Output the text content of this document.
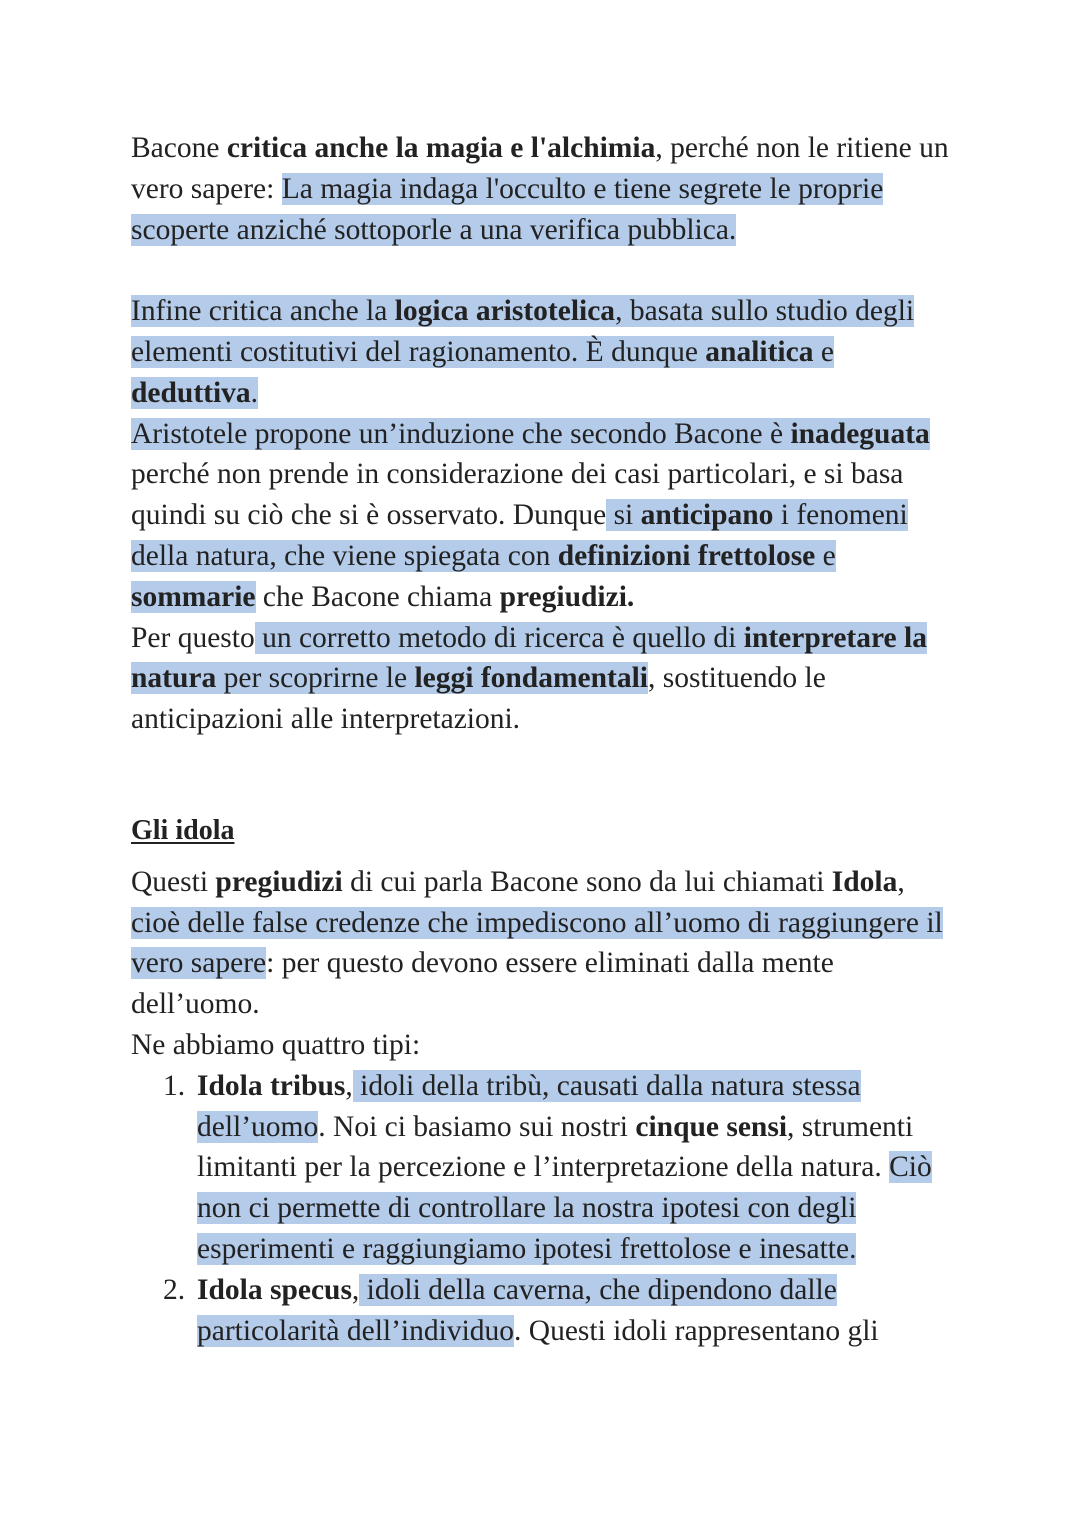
Bacone critica anche la magia e l'alchimia, perché non le ritiene un vero sapere: La magia indaga l'occulto e tiene segrete le proprie scoperte anziché sottoporle a una verifica pubblica.

Infine critica anche la logica aristotelica, basata sullo studio degli elementi costitutivi del ragionamento. È dunque analitica e deduttiva.

Aristotele propone un’induzione che secondo Bacone è inadeguata perché non prende in considerazione dei casi particolari, e si basa quindi su ciò che si è osservato. Dunque si anticipano i fenomeni della natura, che viene spiegata con definizioni frettolose e sommarie che Bacone chiama pregiudizi.

Per questo un corretto metodo di ricerca è quello di interpretare la natura per scoprirne le leggi fondamentali, sostituendo le anticipazioni alle interpretazioni.

Gli idola

Questi pregiudizi di cui parla Bacone sono da lui chiamati Idola,
cioè delle false credenze che impediscono all’uomo di raggiungere il vero sapere: per questo devono essere eliminati dalla mente dell’uomo.

Ne abbiamo quattro tipi:

1. Idola tribus, idoli della tribù, causati dalla natura stessa dell’uomo. Noi ci basiamo sui nostri cinque sensi, strumenti limitanti per la percezione e l’interpretazione della natura. Ciò non ci permette di controllare la nostra ipotesi con degli esperimenti e raggiungiamo ipotesi frettolose e inesatte.
2. Idola specus, idoli della caverna, che dipendono dalle particolarità dell’individuo. Questi idoli rappresentano gli
